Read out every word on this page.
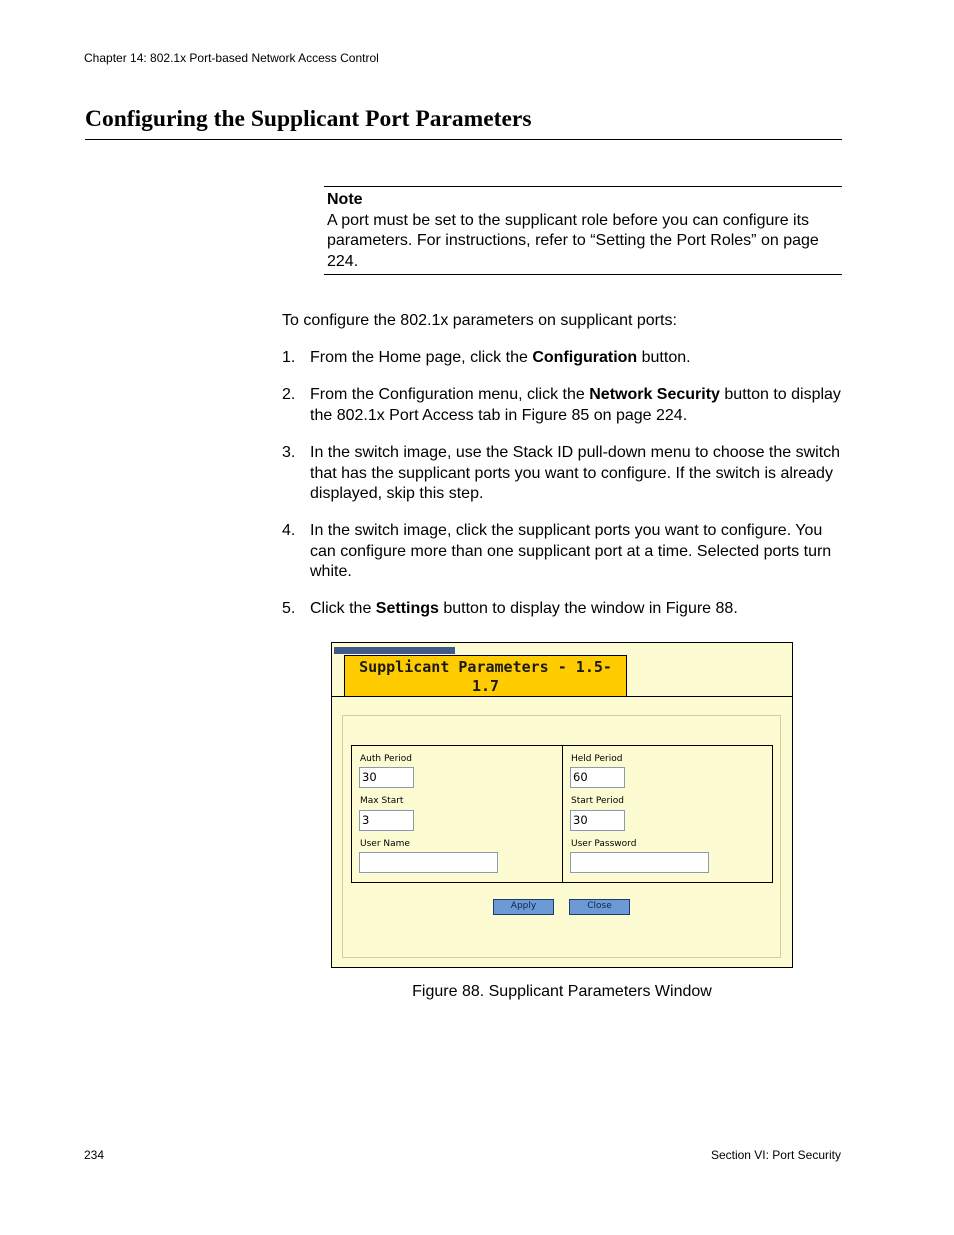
Chapter 14: 802.1x Port-based Network Access Control
Configuring the Supplicant Port Parameters
Note
A port must be set to the supplicant role before you can configure its parameters. For instructions, refer to “Setting the Port Roles” on page 224.
To configure the 802.1x parameters on supplicant ports:
1. From the Home page, click the Configuration button.
2. From the Configuration menu, click the Network Security button to display the 802.1x Port Access tab in Figure 85 on page 224.
3. In the switch image, use the Stack ID pull-down menu to choose the switch that has the supplicant ports you want to configure. If the switch is already displayed, skip this step.
4. In the switch image, click the supplicant ports you want to configure. You can configure more than one supplicant port at a time. Selected ports turn white.
5. Click the Settings button to display the window in Figure 88.
Supplicant Parameters - 1.5-
1.7
Auth Period
30
Max Start
3
User Name
Held Period
60
Start Period
30
User Password
Apply	Close
Figure 88. Supplicant Parameters Window
234	Section VI: Port Security
